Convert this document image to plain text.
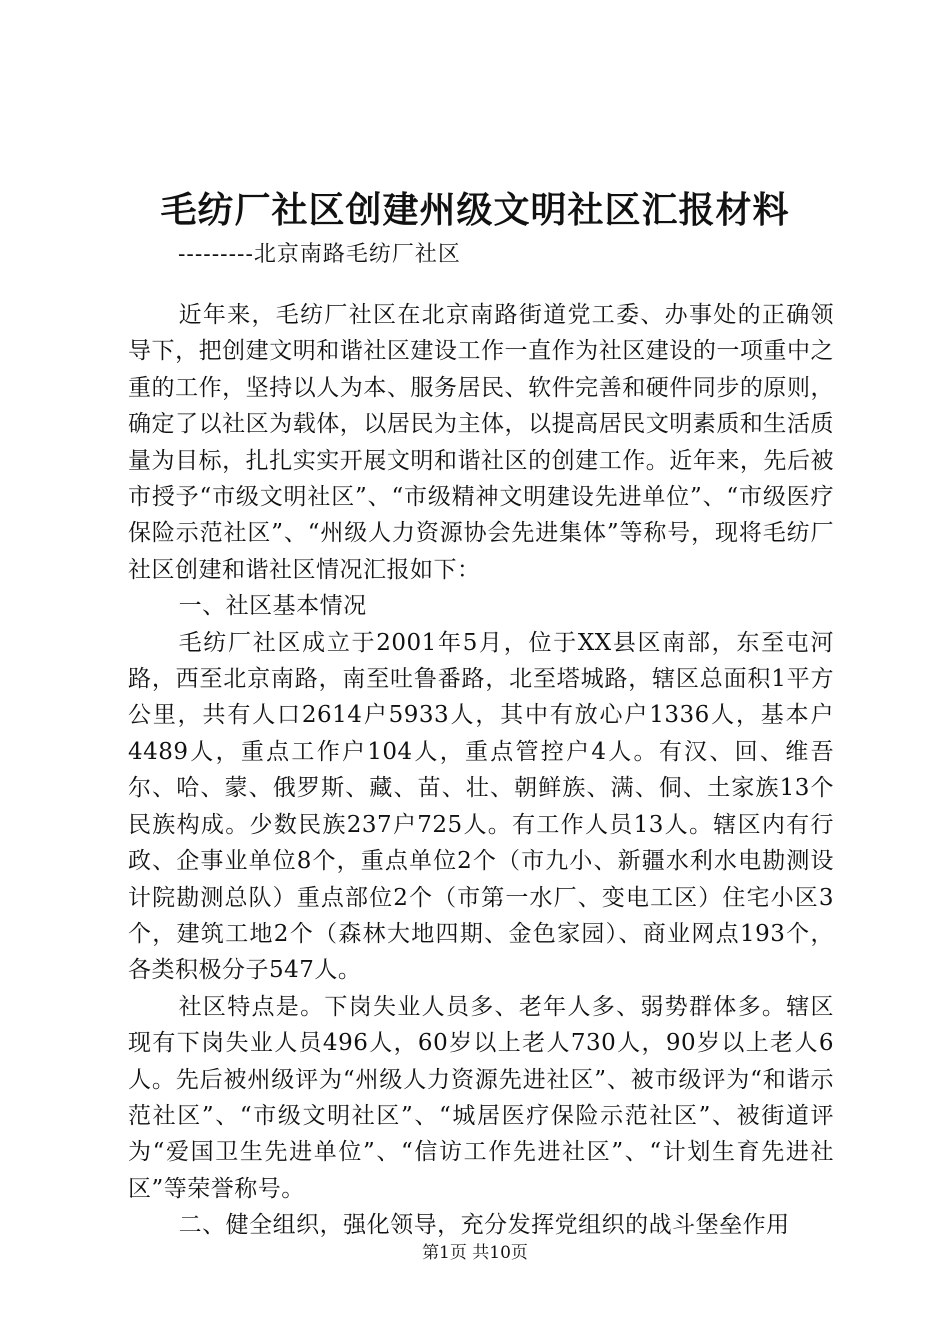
毛纺厂社区创建州级文明社区汇报材料
---------北京南路毛纺厂社区

近年来，毛纺厂社区在北京南路街道党工委、办事处的正确领导下，把创建文明和谐社区建设工作一直作为社区建设的一项重中之重的工作，坚持以人为本、服务居民、软件完善和硬件同步的原则，确定了以社区为载体，以居民为主体，以提高居民文明素质和生活质量为目标，扎扎实实开展文明和谐社区的创建工作。近年来，先后被市授予“市级文明社区”、“市级精神文明建设先进单位”、“市级医疗保险示范社区”、“州级人力资源协会先进集体”等称号，现将毛纺厂社区创建和谐社区情况汇报如下：

一、社区基本情况

毛纺厂社区成立于2001年5月，位于XX县区南部，东至屯河路，西至北京南路，南至吐鲁番路，北至塔城路，辖区总面积1平方公里，共有人口2614户5933人，其中有放心户1336人，基本户4489人，重点工作户104人，重点管控户4人。有汉、回、维吾尔、哈、蒙、俄罗斯、藏、苗、壮、朝鲜族、满、侗、土家族13个民族构成。少数民族237户725人。有工作人员13人。辖区内有行政、企事业单位8个，重点单位2个（市九小、新疆水利水电勘测设计院勘测总队）重点部位2个（市第一水厂、变电工区）住宅小区3个，建筑工地2个（森林大地四期、金色家园）、商业网点193个，各类积极分子547人。

社区特点是。下岗失业人员多、老年人多、弱势群体多。辖区现有下岗失业人员496人，60岁以上老人730人，90岁以上老人6人。先后被州级评为“州级人力资源先进社区”、被市级评为“和谐示范社区”、“市级文明社区”、“城居医疗保险示范社区”、被街道评为“爱国卫生先进单位”、“信访工作先进社区”、“计划生育先进社区”等荣誉称号。

二、健全组织，强化领导，充分发挥党组织的战斗堡垒作用

第1页 共10页
